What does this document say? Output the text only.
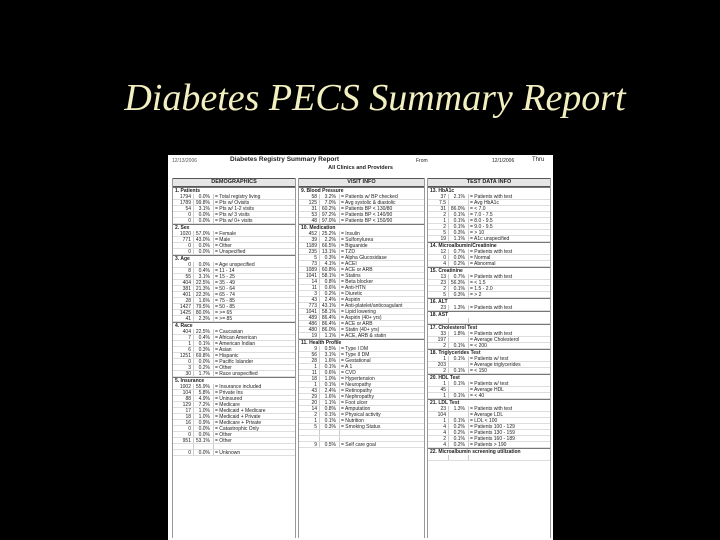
Diabetes PECS Summary Report
12/13/2006	Diabetes Registry Summary Report	From	12/1/2006	Thru
All Clinics and Providers
DEMOGRAPHICS
1. Patients
1794	0.0%	= Total registry living
1789 99.8%	= Pts w/ Ovisits
54	3.1%	= Pts w/ 1-2 visits
0	0.0%	= Pts w/ 3 visits
0	0.0%	= Pts w/ 0+ visits
2. Sex
1020 57.0%	= Female
771 43.0%	= Male
0	0.0%	= Other
0	0.0%	= Unspecified
3. Age
0	0.0%	= Age unspecified
8	0.4%	= 11 - 14
55	3.1%	= 15 - 25
404 22.5%	= 35 - 49
381 21.3%	= 50 - 64
401 22.3%	= 65 - 74
28	1.6%	= 75 - 85
1427 79.5%	= 50 - 85
1425 80.0%	= >= 65
41	2.3%	= >= 85
4. Race
404 22.5%	= Caucasian
7	0.4%	= African American
1	0.1%	= American Indian
6	0.3%	= Asian
1251 69.8%	= Hispanic
0	0.0%	= Pacific Islander
3	0.2%	= Other
30	1.7%	= Race unspecified
5. Insurance
1002 55.9%	= Insurance included
104	5.8%	= Private Ins
88	4.9%	= Uninsured
129	7.2%	= Medicare
17	1.0%	= Medicaid + Medicare
18	1.0%	= Medicaid + Private
16	0.9%	= Medicare + Private
0	0.0%	= Catastrophic Only
0	0.0%	= Other
951 53.1%	= Other
0	0.0%	= Unknown
VISIT INFO
9. Blood Pressure
58	3.2%	= Patients w/ BP checked
125	7.0%	= Avg systolic & diastolic
31 60.2%	= Patients BP < 130/80
53 97.2%	= Patients BP < 140/90
48 97.0%	= Patients BP < 150/90
10. Medication
452 25.2%	= Insulin
39	2.2%	= Sulfonylurea
1189 66.5%	= Biguanide
235 13.1%	= TZD
5	0.3%	= Alpha Glucosidase
73	4.1%	= ACEI
1089 60.8%	= ACE or ARB
1041 58.1%	= Statins
14	0.8%	= Beta blocker
11	0.6%	= Anti-HTN
3	0.2%	= Diuretic
43	2.4%	= Aspirin
773 43.1%	= Anti-platelet/anticoagulant
1041 58.1%	= Lipid lowering
489 86.4%	= Aspirin (40+ yrs)
486 86.4%	= ACE or ARB
480 86.0%	= Statin (40+ yrs)
19	1.1%	= ACE, ARB & statin
11. Health Profile
9	0.5%	= Type I DM
56	3.1%	= Type II DM
28	1.6%	= Gestational
1	0.1%	= A 1
11	0.6%	= CVD
18	1.0%	= Hypertension
1	0.1%	= Neuropathy
43	2.4%	= Retinopathy
29	1.6%	= Nephropathy
20	1.1%	= Foot ulcer
14	0.8%	= Amputation
2	0.1%	= Physical activity
1	0.1%	= Nutrition
5	0.3%	= Smoking Status
9	0.5%	= Self care goal
TEST DATA INFO
13. HbA1c
37	2.1%	= Patients with test
7.5	= Avg HbA1c
31 86.0%	= < 7.0
2	0.1%	= 7.0 - 7.5
1	0.1%	= 8.0 - 9.5
2	0.1%	= 9.0 - 9.5
5	0.3%	= > 10
19	1.1%	= A1c unspecified
14. Microalbumin/Creatinine
12	0.7%	= Patients with test
0	0.0%	= Normal
4	0.2%	= Abnormal
15. Creatinine
13	0.7%	= Patients with test
23 56.3%	= < 1.5
2	0.1%	= 1.5 - 2.0
5	0.3%	= > 2
16. ALT
23	1.3%	= Patients with test
18. AST
17. Cholesterol Test
33	1.8%	= Patients with test
197	= Average Cholesterol
2	0.1%	= < 200
18. Triglycerides Test
1	0.1%	= Patients w/ test
203	= Average triglycerides
2	0.1%	= < 150
20. HDL Test
1	0.1%	= Patients w/ test
45	= Average HDL
1	0.1%	= < 40
21. LDL Test
23	1.3%	= Patients with test
104	= Average LDL
1	0.1%	= LDL < 100
4	0.2%	= Patients 100 - 129
4	0.2%	= Patients 130 - 159
2	0.1%	= Patients 160 - 189
4	0.2%	= Patients > 190
22. Microalbumin screening utilization
